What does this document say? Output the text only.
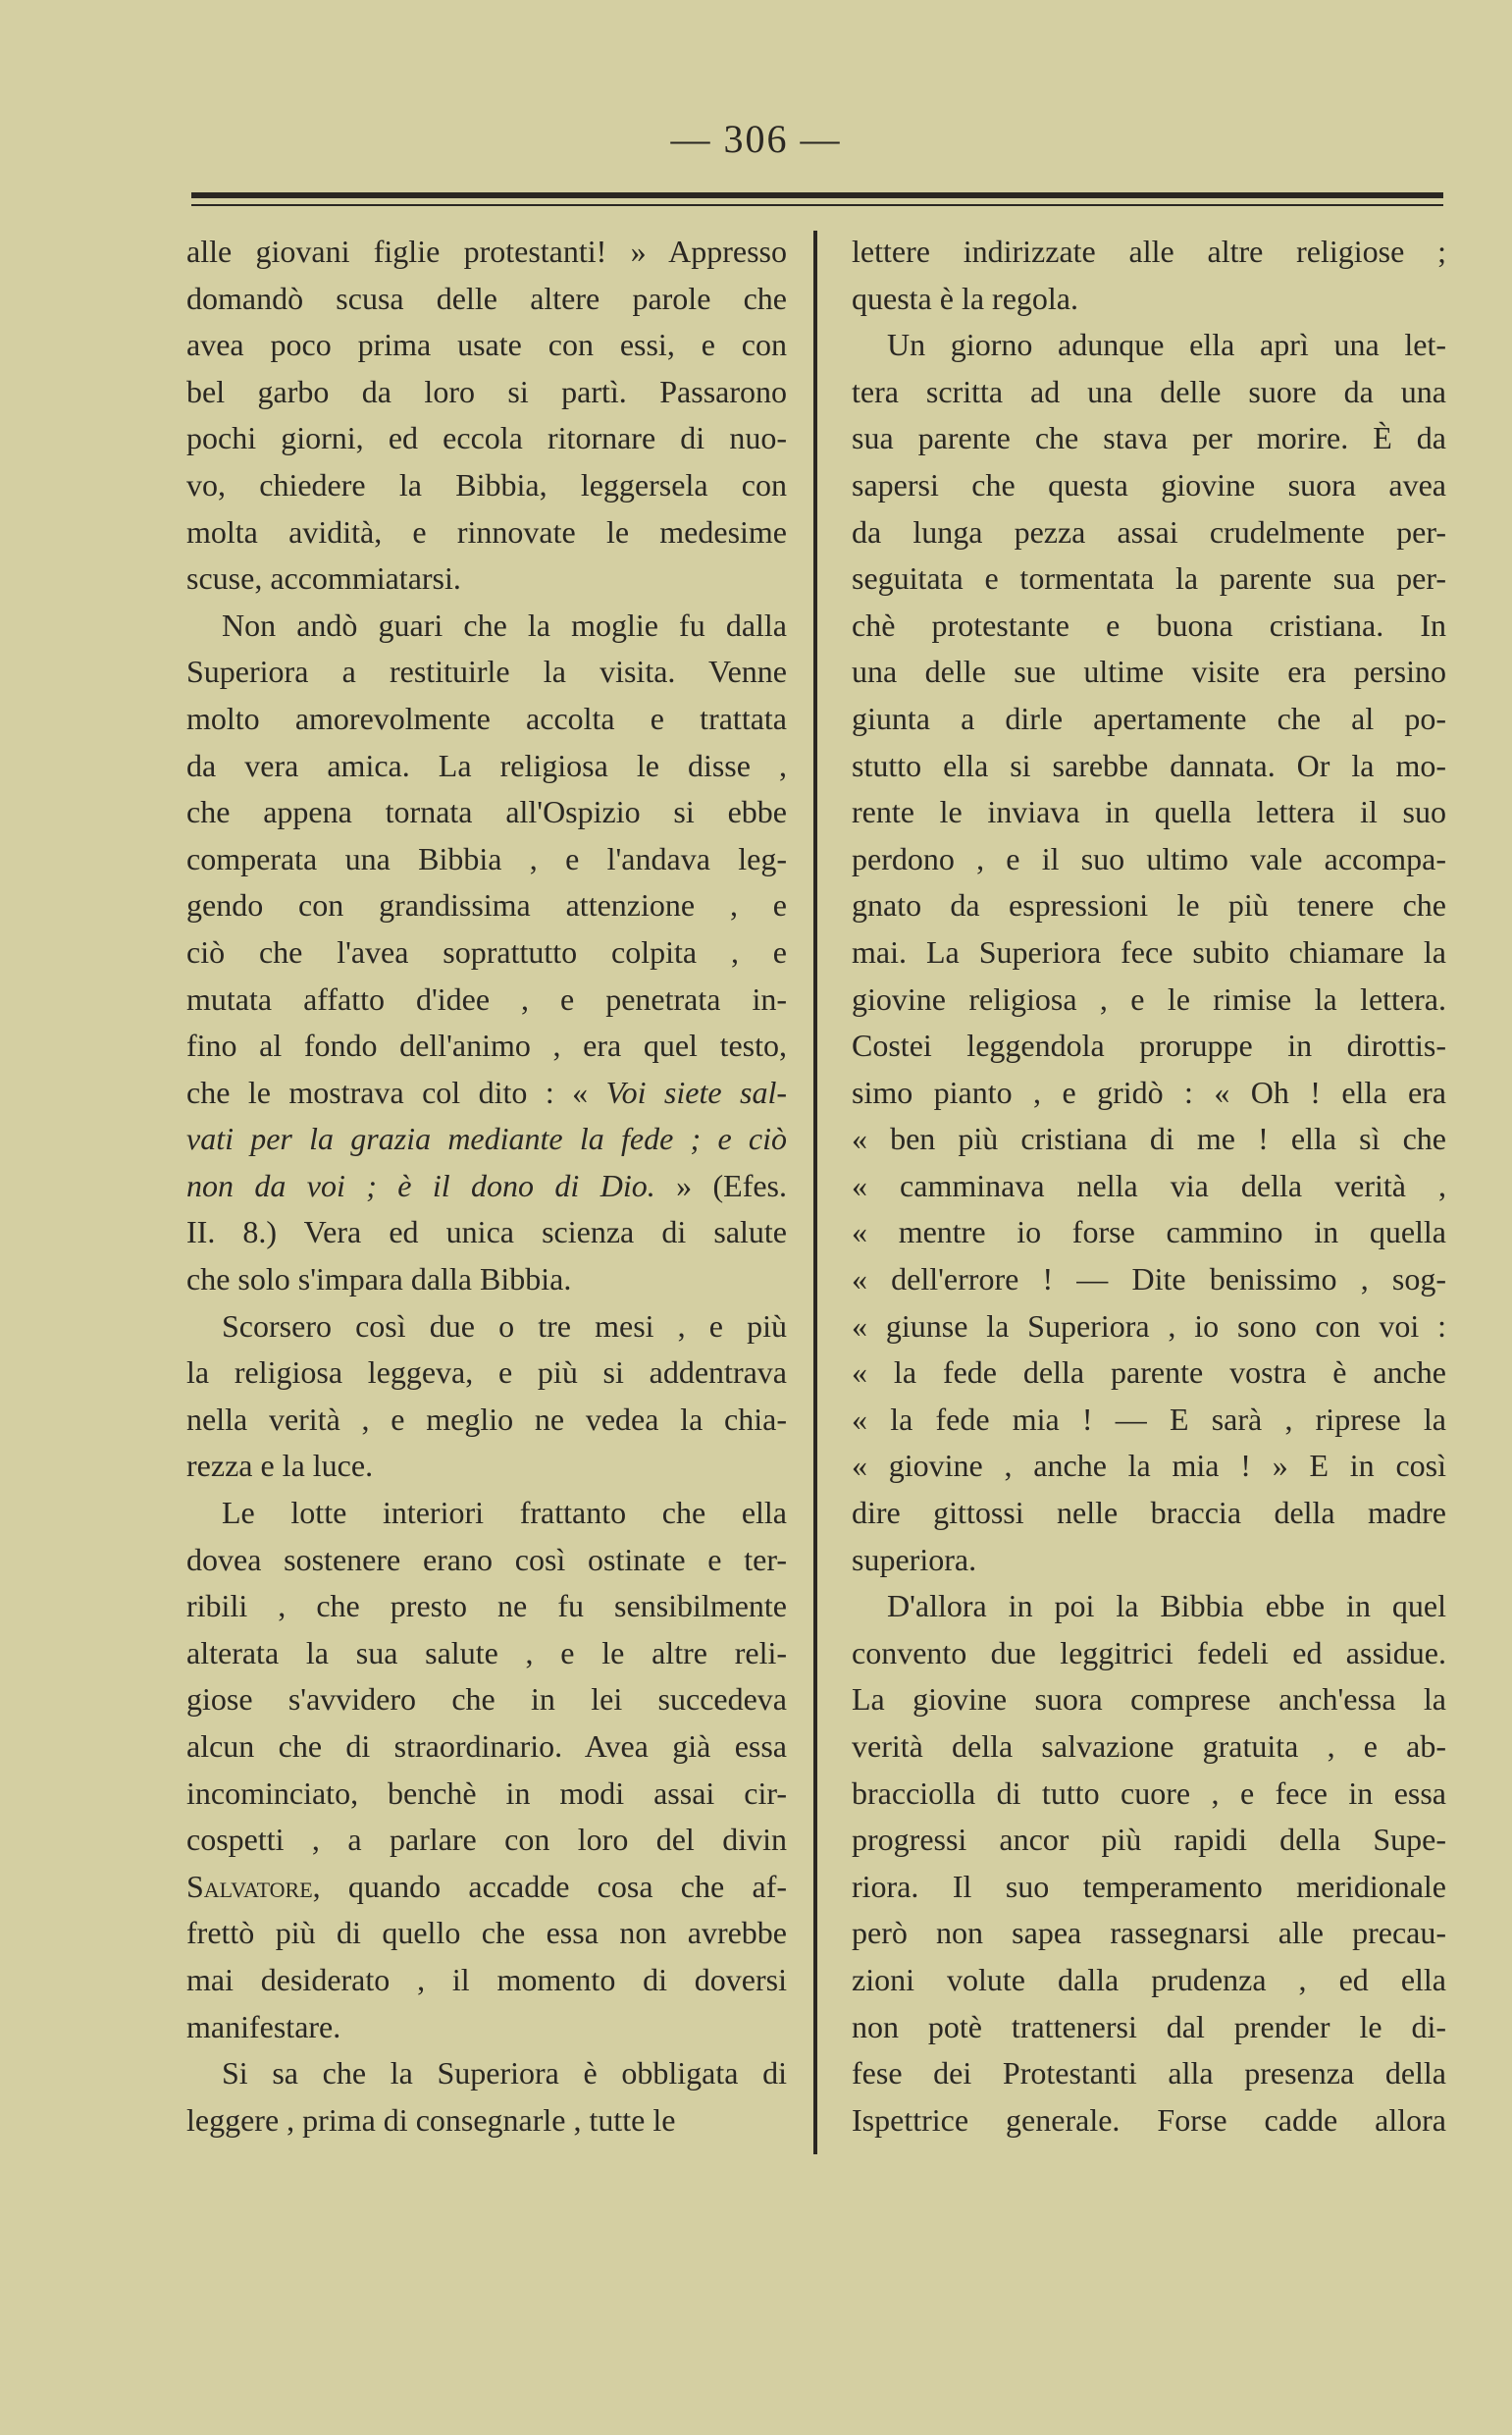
— 306 —
alle giovani figlie protestanti! » Appresso
domandò scusa delle altere parole che
avea poco prima usate con essi, e con
bel garbo da loro si partì. Passarono
pochi giorni, ed eccola ritornare di nuo-
vo, chiedere la Bibbia, leggersela con
molta avidità, e rinnovate le medesime
scuse, accommiatarsi.
Non andò guari che la moglie fu dalla
Superiora a restituirle la visita. Venne
molto amorevolmente accolta e trattata
da vera amica. La religiosa le disse ,
che appena tornata all'Ospizio si ebbe
comperata una Bibbia , e l'andava leg-
gendo con grandissima attenzione , e
ciò che l'avea soprattutto colpita , e
mutata affatto d'idee , e penetrata in-
fino al fondo dell'animo , era quel testo,
che le mostrava col dito : « Voi siete sal-
vati per la grazia mediante la fede ; e ciò
non da voi ; è il dono di Dio. » (Efes.
II. 8.) Vera ed unica scienza di salute
che solo s'impara dalla Bibbia.
Scorsero così due o tre mesi , e più
la religiosa leggeva, e più si addentrava
nella verità , e meglio ne vedea la chia-
rezza e la luce.
Le lotte interiori frattanto che ella
dovea sostenere erano così ostinate e ter-
ribili , che presto ne fu sensibilmente
alterata la sua salute , e le altre reli-
giose s'avvidero che in lei succedeva
alcun che di straordinario. Avea già essa
incominciato, benchè in modi assai cir-
cospetti , a parlare con loro del divin
Salvatore, quando accadde cosa che af-
frettò più di quello che essa non avrebbe
mai desiderato , il momento di doversi
manifestare.
Si sa che la Superiora è obbligata di
leggere , prima di consegnarle , tutte le
lettere indirizzate alle altre religiose ;
questa è la regola.
Un giorno adunque ella aprì una let-
tera scritta ad una delle suore da una
sua parente che stava per morire. È da
sapersi che questa giovine suora avea
da lunga pezza assai crudelmente per-
seguitata e tormentata la parente sua per-
chè protestante e buona cristiana. In
una delle sue ultime visite era persino
giunta a dirle apertamente che al po-
stutto ella si sarebbe dannata. Or la mo-
rente le inviava in quella lettera il suo
perdono , e il suo ultimo vale accompa-
gnato da espressioni le più tenere che
mai. La Superiora fece subito chiamare la
giovine religiosa , e le rimise la lettera.
Costei leggendola proruppe in dirottis-
simo pianto , e gridò : « Oh ! ella era
« ben più cristiana di me ! ella sì che
« camminava nella via della verità ,
« mentre io forse cammino in quella
« dell'errore ! — Dite benissimo , sog-
« giunse la Superiora , io sono con voi :
« la fede della parente vostra è anche
« la fede mia ! — E sarà , riprese la
« giovine , anche la mia ! » E in così
dire gittossi nelle braccia della madre
superiora.
D'allora in poi la Bibbia ebbe in quel
convento due leggitrici fedeli ed assidue.
La giovine suora comprese anch'essa la
verità della salvazione gratuita , e ab-
bracciolla di tutto cuore , e fece in essa
progressi ancor più rapidi della Supe-
riora. Il suo temperamento meridionale
però non sapea rassegnarsi alle precau-
zioni volute dalla prudenza , ed ella
non potè trattenersi dal prender le di-
fese dei Protestanti alla presenza della
Ispettrice generale. Forse cadde allora
